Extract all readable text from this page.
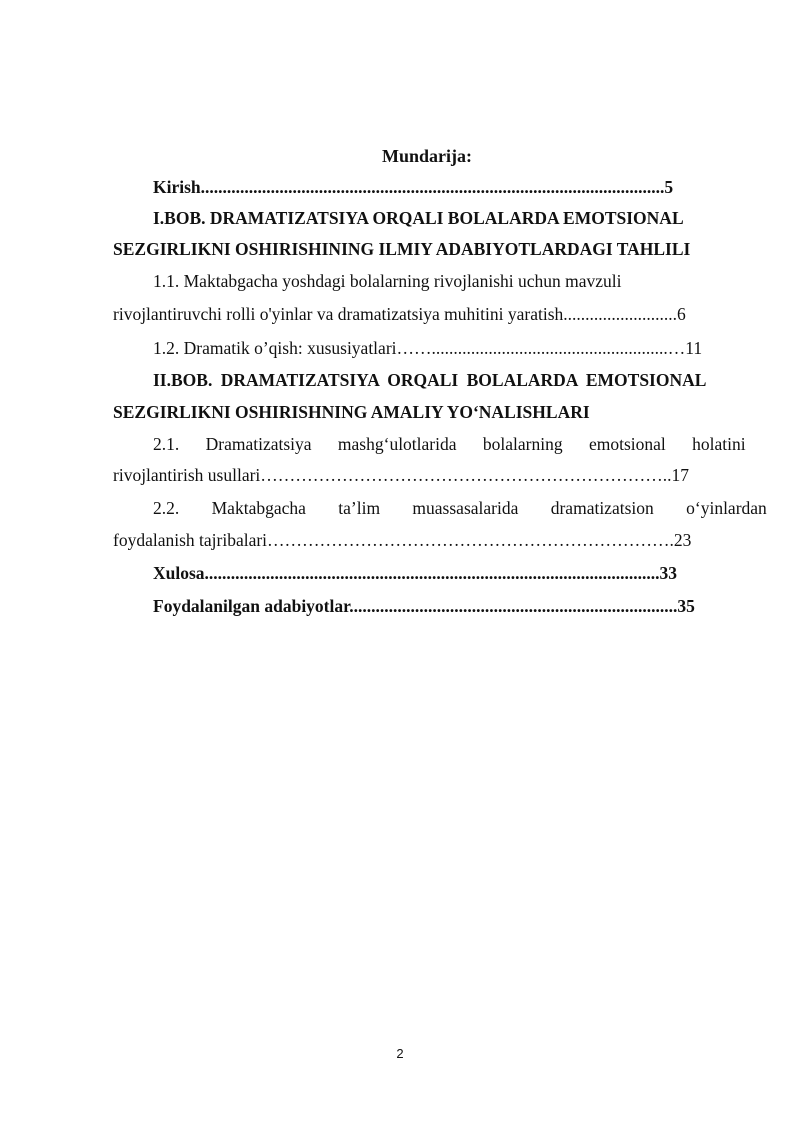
Mundarija:
Kirish..........................................................................................................5
I.BOB. DRAMATIZATSIYA ORQALI BOLALARDA EMOTSIONAL
SEZGIRLIKNI OSHIRISHINING ILMIY ADABIYOTLARDAGI TAHLILI
1.1. Maktabgacha yoshdagi bolalarning rivojlanishi uchun mavzuli
rivojlantiruvchi rolli o'yinlar va dramatizatsiya muhitini yaratish..........................6
1.2. Dramatik o’qish: xususiyatlari……......................................................…11
II.BOB. DRAMATIZATSIYA ORQALI BOLALARDA EMOTSIONAL
SEZGIRLIKNI OSHIRISHNING AMALIY YO‘NALISHLARI
2.1. Dramatizatsiya mashg‘ulotlarida bolalarning emotsional holatini
rivojlantirish usullari……………………………………………………………..17
2.2. Maktabgacha ta’lim muassasalarida dramatizatsion o‘yinlardan
foydalanish tajribalari…………………………………………………………….23
Xulosa........................................................................................................33
Foydalanilgan adabiyotlar...........................................................................35
2
